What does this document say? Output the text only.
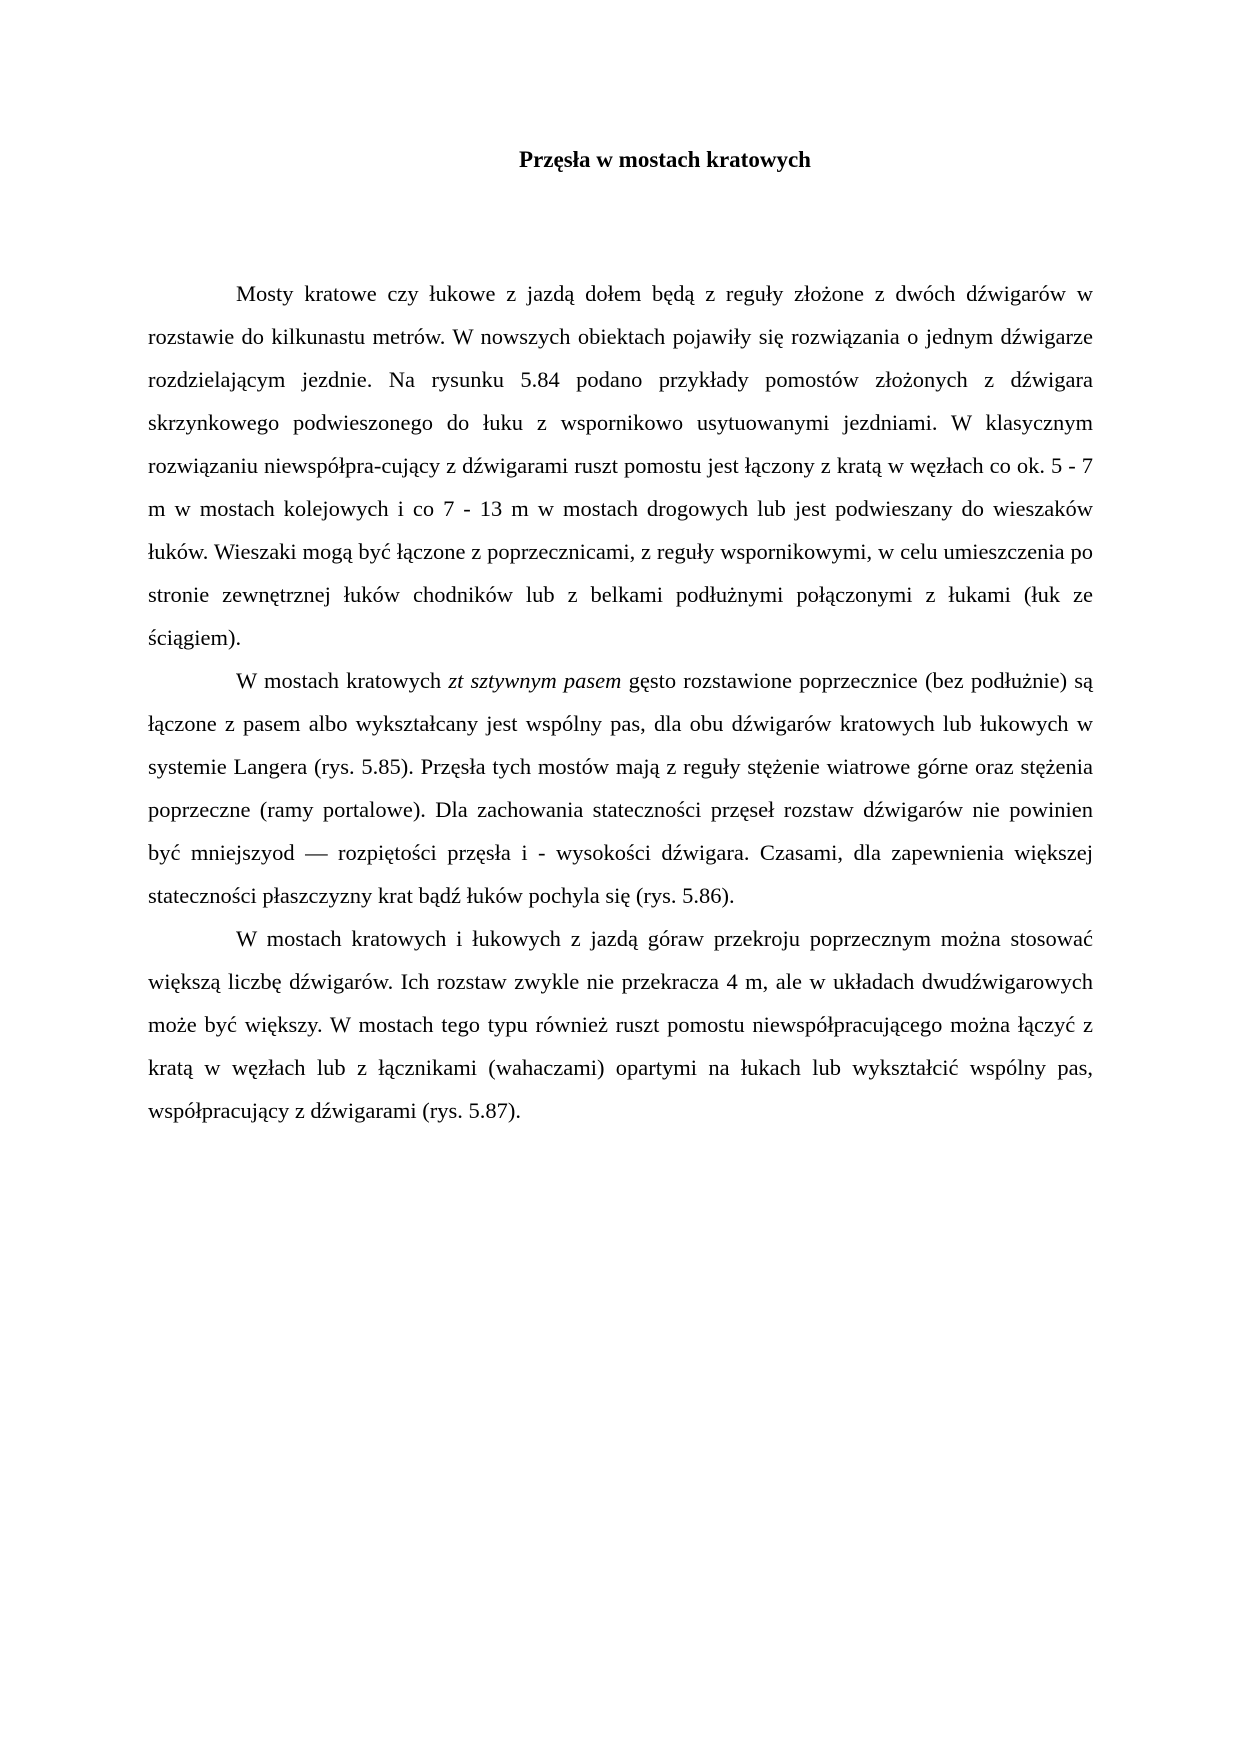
Przęsła w mostach kratowych

Mosty kratowe czy łukowe z jazdą dołem będą z reguły złożone z dwóch dźwigarów w rozstawie do kilkunastu metrów. W nowszych obiektach pojawiły się rozwiązania o jednym dźwigarze rozdzielającym jezdnie. Na rysunku 5.84 podano przykłady pomostów złożonych z dźwigara skrzynkowego podwieszonego do łuku z wspornikowo usytuowanymi jezdniami. W klasycznym rozwiązaniu niewspółpra-cujący z dźwigarami ruszt pomostu jest łączony z kratą w węzłach co ok. 5 - 7 m w mostach kolejowych i co 7 - 13 m w mostach drogowych lub jest podwieszany do wieszaków łuków. Wieszaki mogą być łączone z poprzecznicami, z reguły wspornikowymi, w celu umieszczenia po stronie zewnętrznej łuków chodników lub z belkami podłużnymi połączonymi z łukami (łuk ze ściągiem).

W mostach kratowych zt sztywnym pasem gęsto rozstawione poprzecznice (bez podłużnie) są łączone z pasem albo wykształcany jest wspólny pas, dla obu dźwigarów kratowych lub łukowych w systemie Langera (rys. 5.85). Przęsła tych mostów mają z reguły stężenie wiatrowe górne oraz stężenia poprzeczne (ramy portalowe). Dla zachowania stateczności przęseł rozstaw dźwigarów nie powinien być mniejszyod — rozpiętości przęsła i - wysokości dźwigara. Czasami, dla zapewnienia większej stateczności płaszczyzny krat bądź łuków pochyla się (rys. 5.86).

W mostach kratowych i łukowych z jazdą góraw przekroju poprzecznym można stosować większą liczbę dźwigarów. Ich rozstaw zwykle nie przekracza 4 m, ale w układach dwudźwigarowych może być większy. W mostach tego typu również ruszt pomostu niewspółpracującego można łączyć z kratą w węzłach lub z łącznikami (wahaczami) opartymi na łukach lub wykształcić wspólny pas, współpracujący z dźwigarami (rys. 5.87).
